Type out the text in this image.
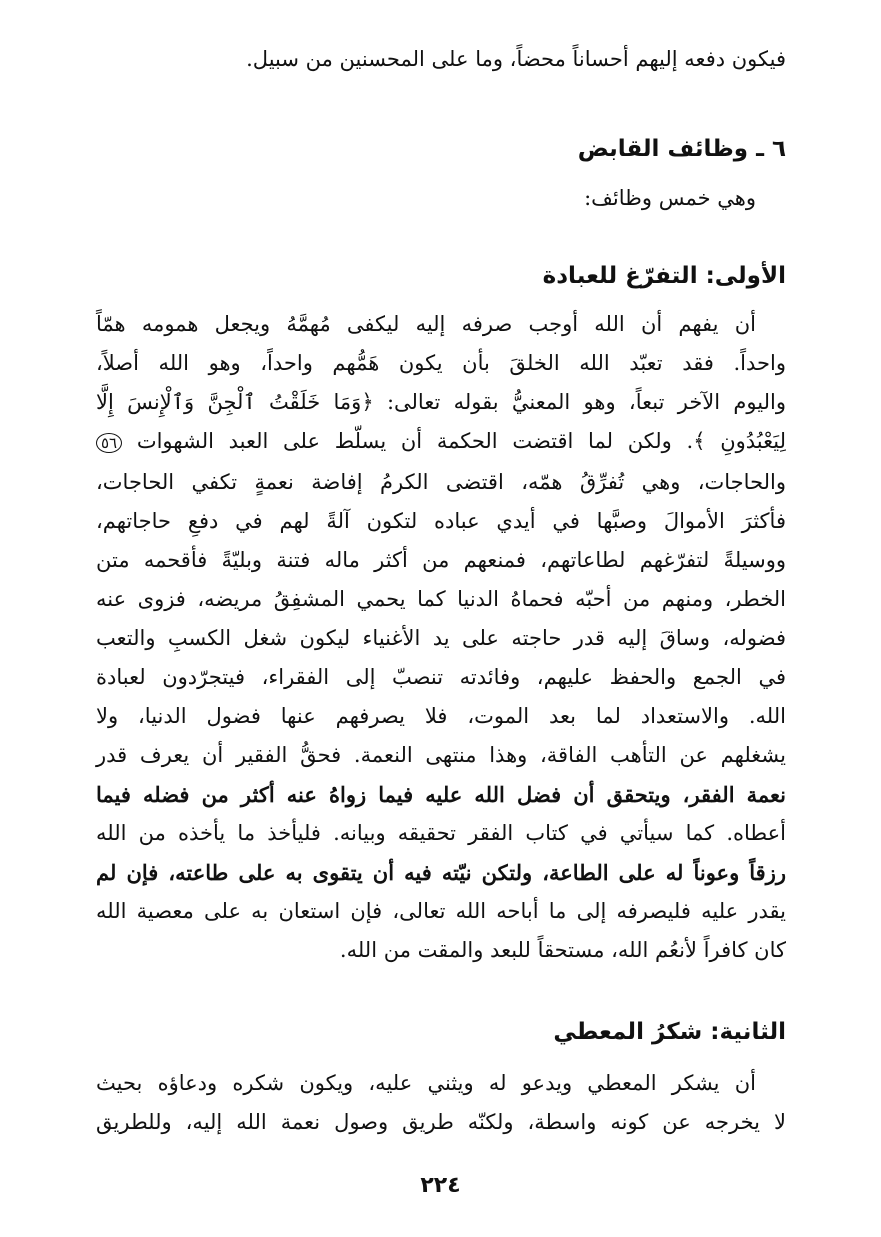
فيكون دفعه إليهم أحساناً محضاً، وما على المحسنين من سبيل.
٦ ـ وظائف القابض
وهي خمس وظائف:
الأولى: التفرّغ للعبادة
أن يفهم أن الله أوجب صرفه إليه ليكفى مُهمَّهُ ويجعل همومه همّاً
واحداً. فقد تعبّد الله الخلقَ بأن يكون هَمُّهم واحداً، وهو الله أصلاً،
واليوم الآخر تبعاً، وهو المعنيُّ بقوله تعالى: ﴿وَمَا خَلَقْتُ ٱلْجِنَّ وَٱلْإِنسَ إِلَّا
لِيَعْبُدُونِ ﴾. ولكن لما اقتضت الحكمة أن يسلّط على العبد الشهوات ٥٦
والحاجات، وهي تُفرِّقُ همّه، اقتضى الكرمُ إفاضة نعمةٍ تكفي الحاجات،
فأكثرَ الأموالَ وصبَّها في أيدي عباده لتكون آلةً لهم في دفعِ حاجاتهم،
ووسيلةً لتفرّغهم لطاعاتهم، فمنعهم من أكثر ماله فتنة وبليّةً فأقحمه متن
الخطر، ومنهم من أحبّه فحماهُ الدنيا كما يحمي المشفِقُ مريضه، فزوى عنه
فضوله، وساقَ إليه قدر حاجته على يد الأغنياء ليكون شغل الكسبِ والتعب
في الجمع والحفظ عليهم، وفائدته تنصبّ إلى الفقراء، فيتجرّدون لعبادة
الله. والاستعداد لما بعد الموت، فلا يصرفهم عنها فضول الدنيا، ولا
يشغلهم عن التأهب الفاقة، وهذا منتهى النعمة. فحقُّ الفقير أن يعرف قدر
نعمة الفقر، ويتحقق أن فضل الله عليه فيما زواهُ عنه أكثر من فضله فيما
أعطاه. كما سيأتي في كتاب الفقر تحقيقه وبيانه. فليأخذ ما يأخذه من الله
رزقاً وعوناً له على الطاعة، ولتكن نيّته فيه أن يتقوى به على طاعته، فإن لم
يقدر عليه فليصرفه إلى ما أباحه الله تعالى، فإن استعان به على معصية الله
كان كافراً لأنعُم الله، مستحقاً للبعد والمقت من الله.
الثانية: شكرُ المعطي
أن يشكر المعطي ويدعو له ويثني عليه، ويكون شكره ودعاؤه بحيث
لا يخرجه عن كونه واسطة، ولكنّه طريق وصول نعمة الله إليه، وللطريق
٢٢٤
